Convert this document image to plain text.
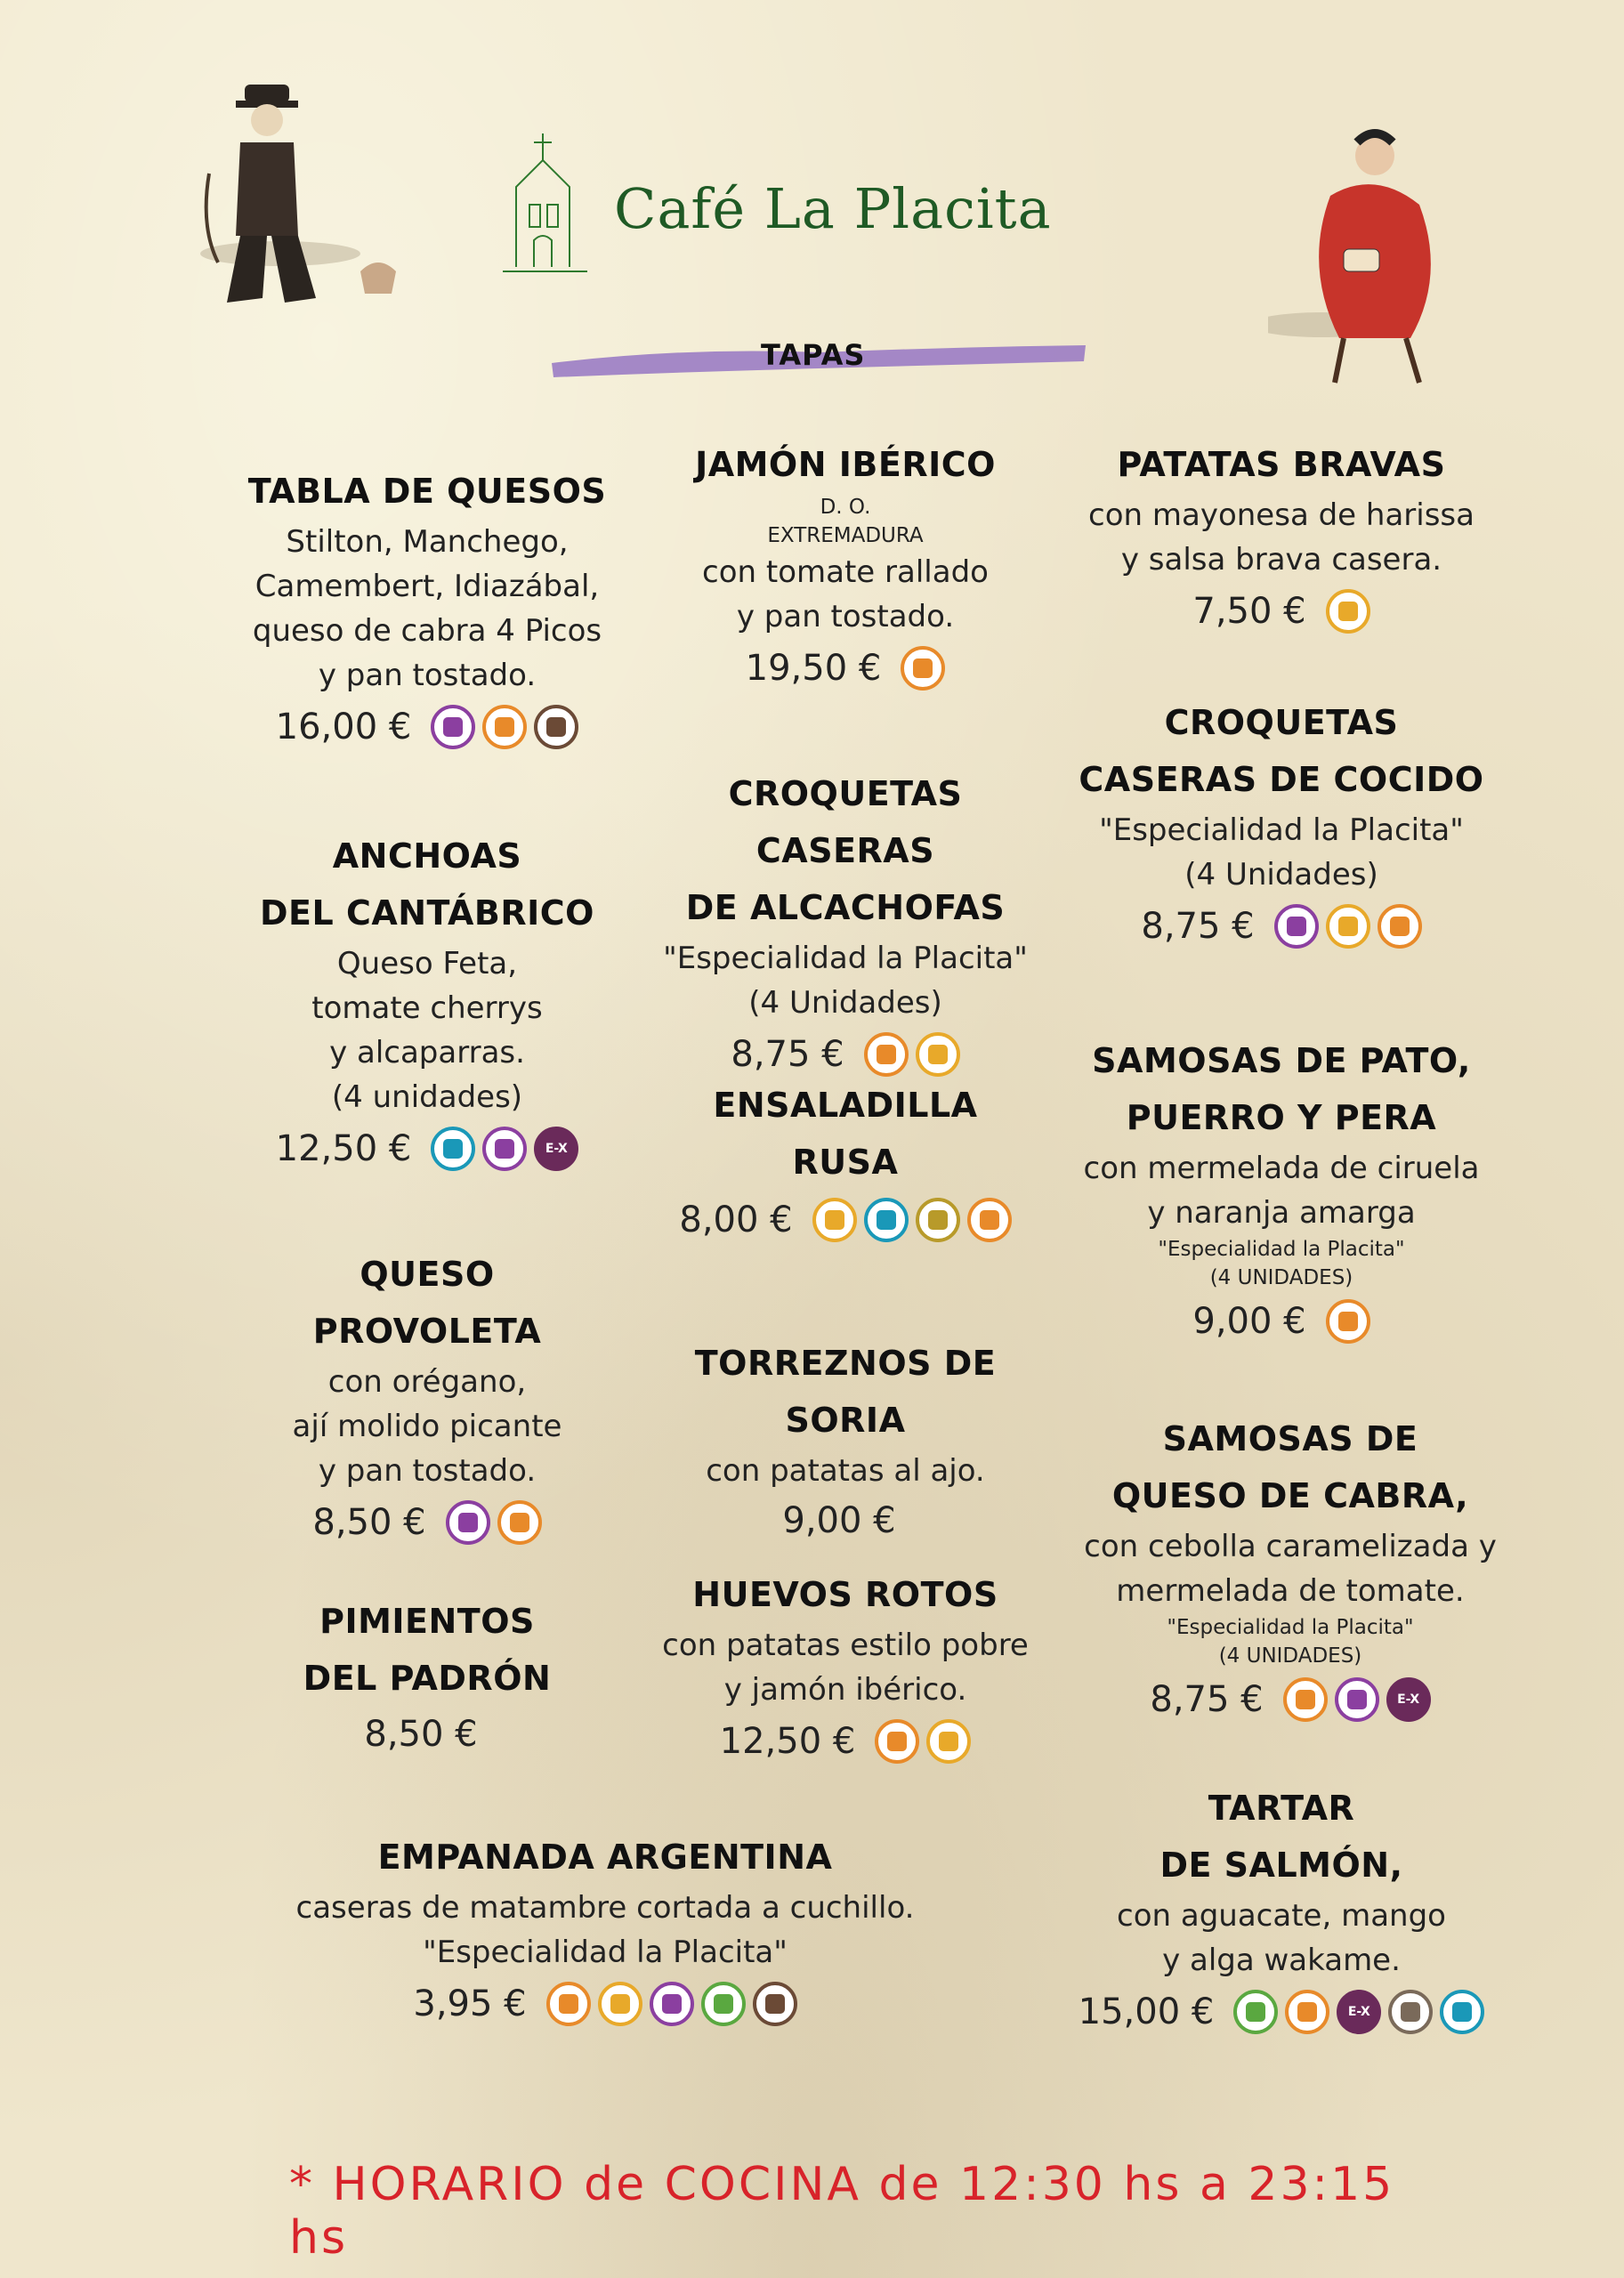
Café La Placita
TAPAS
TABLA DE QUESOS
Stilton, Manchego,
Camembert, Idiazábal,
queso de cabra 4 Picos
y pan tostado.
16,00 €
ANCHOAS
DEL CANTÁBRICO
Queso Feta,
tomate cherrys
y alcaparras.
(4 unidades)
12,50 €	E-X
QUESO
PROVOLETA
con orégano,
ají molido picante
y pan tostado.
8,50 €
PIMIENTOS
DEL PADRÓN
8,50 €
JAMÓN IBÉRICO
D. O.
EXTREMADURA
con tomate rallado
y pan tostado.
19,50 €
CROQUETAS CASERAS
DE ALCACHOFAS
"Especialidad la Placita"
(4 Unidades)
8,75 €
ENSALADILLA
RUSA
8,00 €
TORREZNOS DE SORIA
con patatas al ajo.
9,00 €
HUEVOS ROTOS
con patatas estilo pobre
y jamón ibérico.
12,50 €
PATATAS BRAVAS
con mayonesa de harissa
y salsa brava casera.
7,50 €
CROQUETAS
CASERAS DE COCIDO
"Especialidad la Placita"
(4 Unidades)
8,75 €
SAMOSAS DE PATO,
PUERRO Y PERA
con mermelada de ciruela
y naranja amarga
"Especialidad la Placita"
(4 UNIDADES)
9,00 €
SAMOSAS DE
QUESO DE CABRA,
con cebolla caramelizada y
mermelada de tomate.
"Especialidad la Placita"
(4 UNIDADES)
8,75 €	E-X
TARTAR
DE SALMÓN,
con aguacate, mango
y alga wakame.
15,00 €	E-X
EMPANADA ARGENTINA
caseras de matambre cortada a cuchillo.
"Especialidad la Placita"
3,95 €
* HORARIO de COCINA de 12:30 hs a 23:15 hs
